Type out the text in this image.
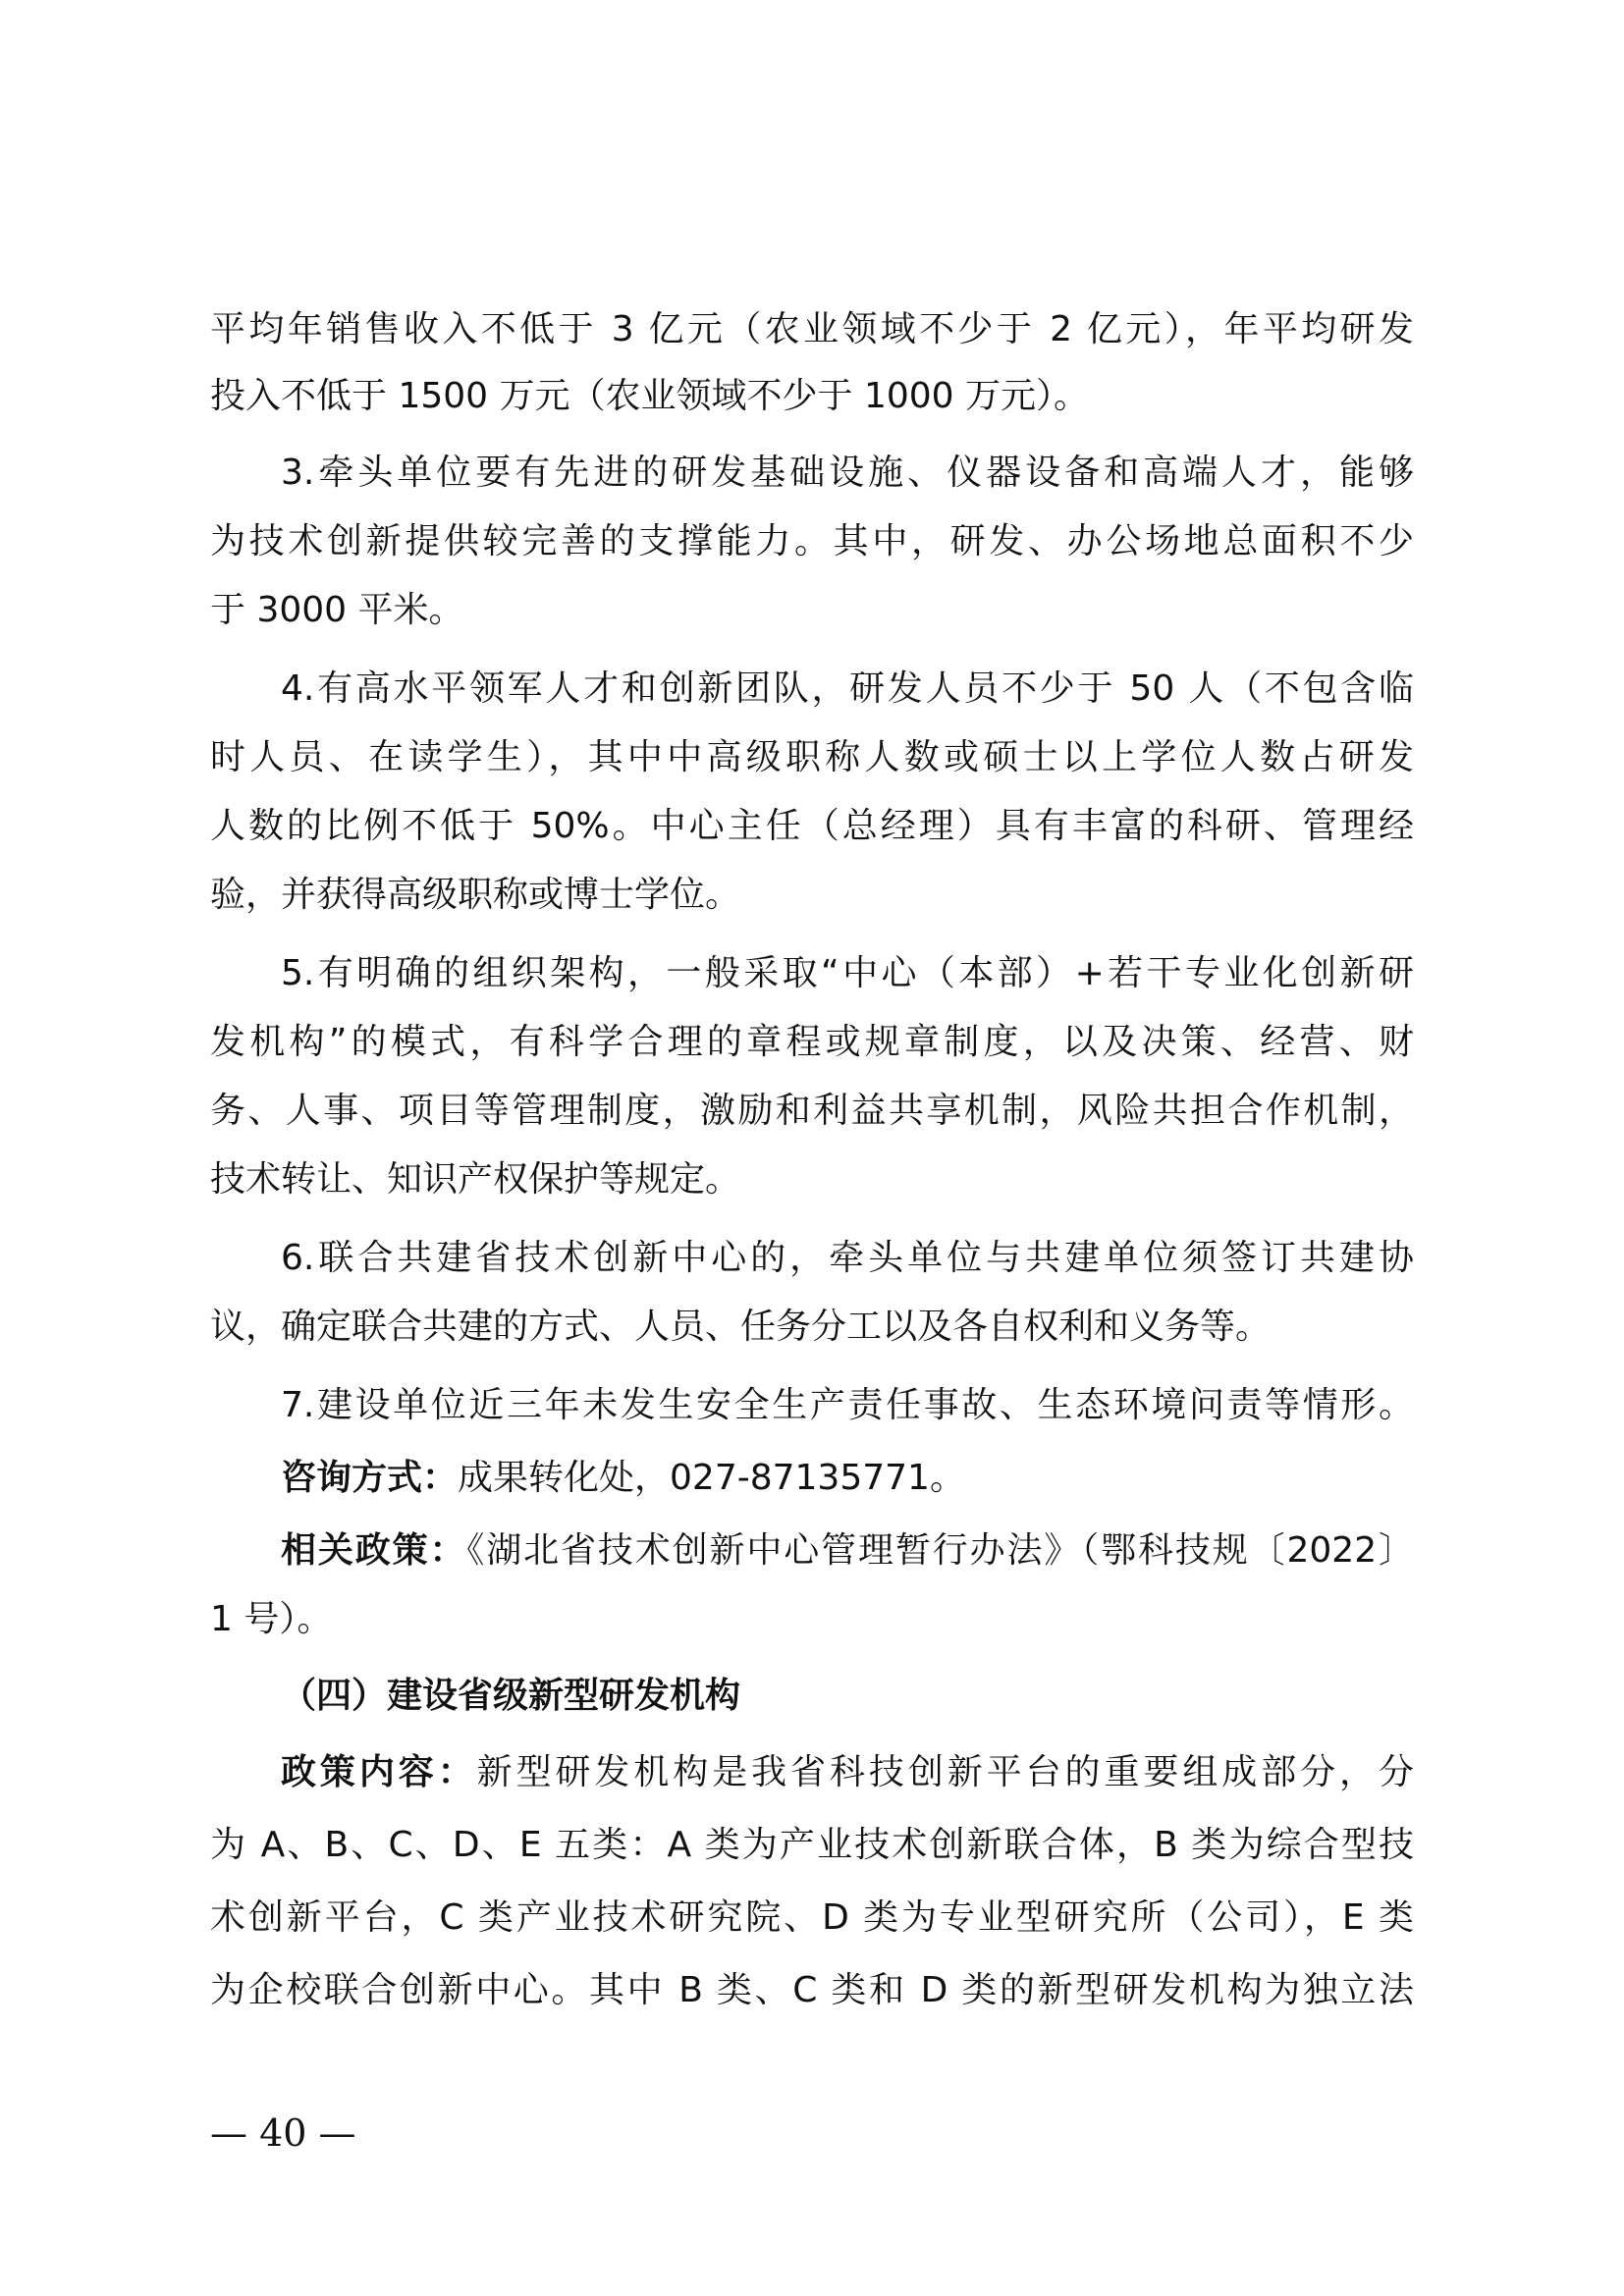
平均年销售收入不低于 3 亿元（农业领域不少于 2 亿元），年平均研发
投入不低于 1500 万元（农业领域不少于 1000 万元）。
3.牵头单位要有先进的研发基础设施、仪器设备和高端人才，能够
为技术创新提供较完善的支撑能力。其中，研发、办公场地总面积不少
于 3000 平米。
4.有高水平领军人才和创新团队，研发人员不少于 50 人（不包含临
时人员、在读学生），其中中高级职称人数或硕士以上学位人数占研发
人数的比例不低于 50%。中心主任（总经理）具有丰富的科研、管理经
验，并获得高级职称或博士学位。
5.有明确的组织架构，一般采取“中心（本部）+若干专业化创新研
发机构”的模式，有科学合理的章程或规章制度，以及决策、经营、财
务、人事、项目等管理制度，激励和利益共享机制，风险共担合作机制，
技术转让、知识产权保护等规定。
6.联合共建省技术创新中心的，牵头单位与共建单位须签订共建协
议，确定联合共建的方式、人员、任务分工以及各自权利和义务等。
7.建设单位近三年未发生安全生产责任事故、生态环境问责等情形。
咨询方式：成果转化处，027-87135771。
相关政策：《湖北省技术创新中心管理暂行办法》（鄂科技规〔2022〕
1 号）。
（四）建设省级新型研发机构
政策内容：新型研发机构是我省科技创新平台的重要组成部分，分
为 A、B、C、D、E 五类：A 类为产业技术创新联合体，B 类为综合型技
术创新平台，C 类产业技术研究院、D 类为专业型研究所（公司），E 类
为企校联合创新中心。其中 B 类、C 类和 D 类的新型研发机构为独立法
— 40 —
